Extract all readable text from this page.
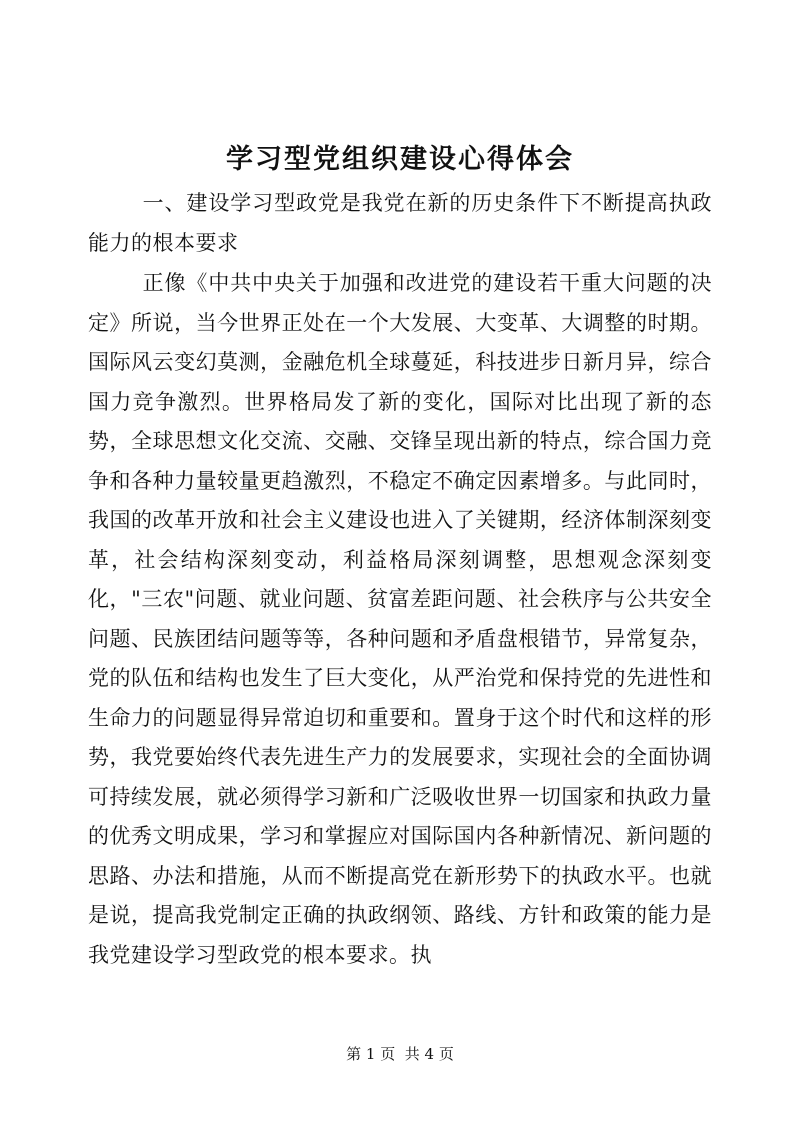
学习型党组织建设心得体会
一、建设学习型政党是我党在新的历史条件下不断提高执政能力的根本要求
正像《中共中央关于加强和改进党的建设若干重大问题的决定》所说，当今世界正处在一个大发展、大变革、大调整的时期。国际风云变幻莫测，金融危机全球蔓延，科技进步日新月异，综合国力竞争激烈。世界格局发了新的变化，国际对比出现了新的态势，全球思想文化交流、交融、交锋呈现出新的特点，综合国力竞争和各种力量较量更趋激烈，不稳定不确定因素增多。与此同时，我国的改革开放和社会主义建设也进入了关键期，经济体制深刻变革，社会结构深刻变动，利益格局深刻调整，思想观念深刻变化，"三农"问题、就业问题、贫富差距问题、社会秩序与公共安全问题、民族团结问题等等，各种问题和矛盾盘根错节，异常复杂，党的队伍和结构也发生了巨大变化，从严治党和保持党的先进性和生命力的问题显得异常迫切和重要和。置身于这个时代和这样的形势，我党要始终代表先进生产力的发展要求，实现社会的全面协调可持续发展，就必须得学习新和广泛吸收世界一切国家和执政力量的优秀文明成果，学习和掌握应对国际国内各种新情况、新问题的思路、办法和措施，从而不断提高党在新形势下的执政水平。也就是说，提高我党制定正确的执政纲领、路线、方针和政策的能力是我党建设学习型政党的根本要求。执
第 1 页  共 4 页
